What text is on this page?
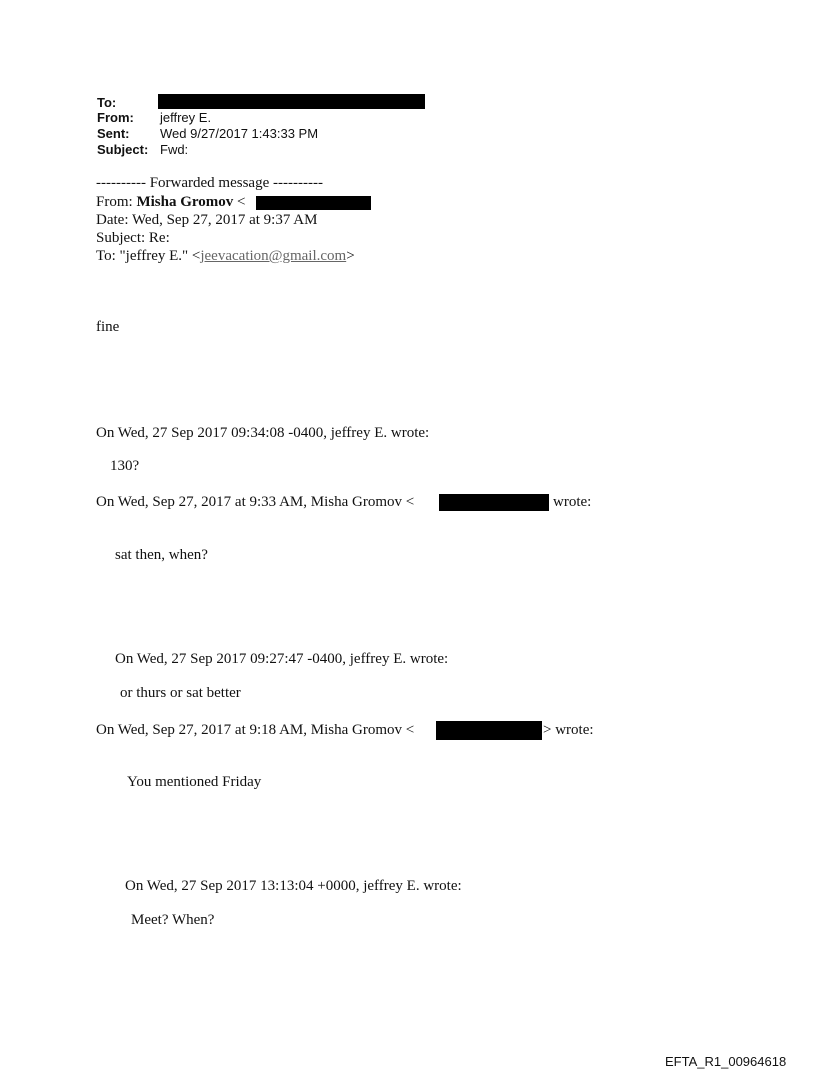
To:
From: jeffrey E.
Sent: Wed 9/27/2017 1:43:33 PM
Subject: Fwd:
---------- Forwarded message ----------
From: Misha Gromov <
Date: Wed, Sep 27, 2017 at 9:37 AM
Subject: Re:
To: "jeffrey E." <jeevacation@gmail.com>
fine
On Wed, 27 Sep 2017 09:34:08 -0400, jeffrey E. wrote:
130?
On Wed, Sep 27, 2017 at 9:33 AM, Misha Gromov <	wrote:
sat then, when?
On Wed, 27 Sep 2017 09:27:47 -0400, jeffrey E. wrote:
or thurs or sat better
On Wed, Sep 27, 2017 at 9:18 AM, Misha Gromov <	> wrote:
You mentioned Friday
On Wed, 27 Sep 2017 13:13:04 +0000, jeffrey E. wrote:
Meet? When?
EFTA_R1_00964618
